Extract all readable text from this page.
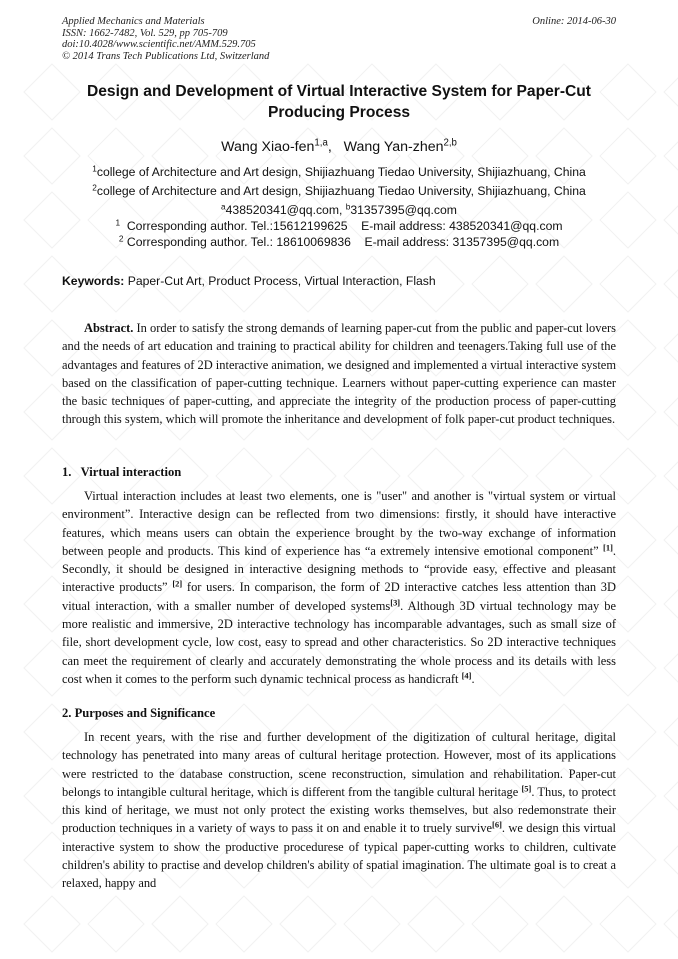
Applied Mechanics and Materials
ISSN: 1662-7482, Vol. 529, pp 705-709
doi:10.4028/www.scientific.net/AMM.529.705
© 2014 Trans Tech Publications Ltd, Switzerland
Online: 2014-06-30
Design and Development of Virtual Interactive System for Paper-Cut
Producing Process
Wang Xiao-fen$^{1,a}$,   Wang Yan-zhen$^{2,b}$
$^1$college of Architecture and Art design, Shijiazhuang Tiedao University, Shijiazhuang, China
$^2$college of Architecture and Art design, Shijiazhuang Tiedao University, Shijiazhuang, China
$^a$438520341@qq.com, $^b$31357395@qq.com
$^1$  Corresponding author. Tel.:15612199625    E-mail address: 438520341@qq.com
$^2$ Corresponding author. Tel.: 18610069836    E-mail address: 31357395@qq.com
Keywords: Paper-Cut Art, Product Process, Virtual Interaction, Flash

Abstract. In order to satisfy the strong demands of learning paper-cut from the public and paper-cut lovers and the needs of art education and training to practical ability for children and teenagers.Taking full use of the advantages and features of 2D interactive animation, we designed and implemented a virtual interactive system based on the classification of paper-cutting technique. Learners without paper-cutting experience can master the basic techniques of paper-cutting, and appreciate the integrity of the production process of paper-cutting through this system, which will promote the inheritance and development of folk paper-cut product techniques.

1.   Virtual interaction

Virtual interaction includes at least two elements, one is "user" and another is "virtual system or virtual environment”. Interactive design can be reflected from two dimensions: firstly, it should have interactive features, which means users can obtain the experience brought by the two-way exchange of information between people and products. This kind of experience has “a extremely intensive emotional component” [1]. Secondly, it should be designed in interactive designing methods to “provide easy, effective and pleasant interactive products” [2] for users. In comparison, the form of 2D interactive catches less attention than 3D vitual interaction, with a smaller number of developed systems[3]. Although 3D virtual technology may be more realistic and immersive, 2D interactive technology has incomparable advantages, such as small size of file, short development cycle, low cost, easy to spread and other characteristics. So 2D interactive techniques can meet the requirement of clearly and accurately demonstrating the whole process and its details with less cost when it comes to the perform such dynamic technical process as handicraft [4].

2. Purposes and Significance

In recent years, with the rise and further development of the digitization of cultural heritage, digital technology has penetrated into many areas of cultural heritage protection. However, most of its applications were restricted to the database construction, scene reconstruction, simulation and rehabilitation. Paper-cut belongs to intangible cultural heritage, which is different from the tangible cultural heritage [5]. Thus, to protect this kind of heritage, we must not only protect the existing works themselves, but also redemonstrate their production techniques in a variety of ways to pass it on and enable it to truely survive[6]. we design this virtual interactive system to show the productive proceduresе of typical paper-cutting works to children, cultivate children's ability to practise and develop children's ability of spatial imagination. The ultimate goal is to creat a relaxed, happy and
